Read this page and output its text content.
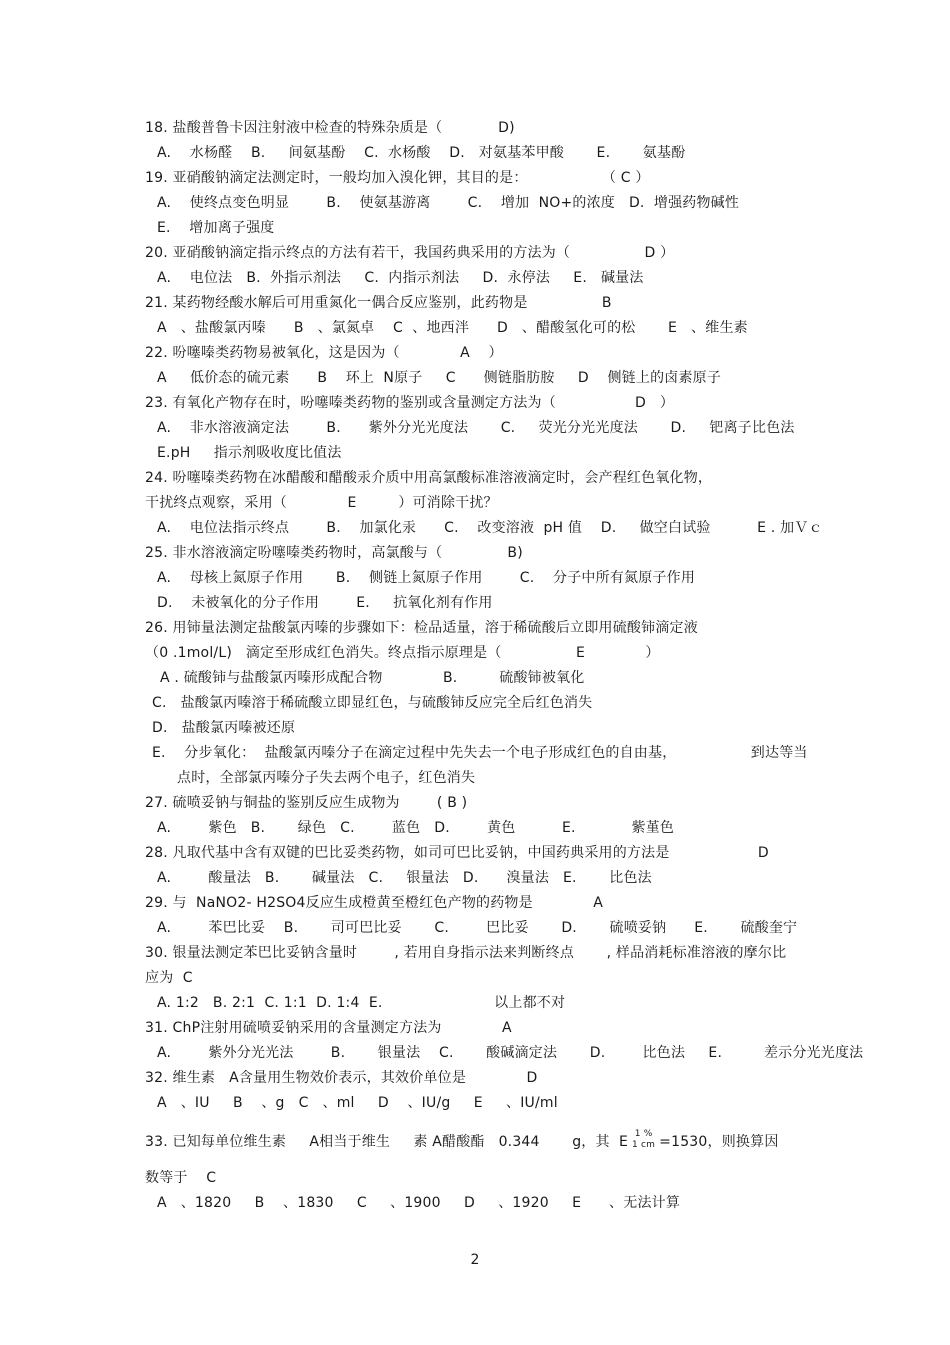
18. 盐酸普鲁卡因注射液中检查的特殊杂质是（            D)
A.    水杨醛    B.     间氨基酚    C.  水杨酸    D.   对氨基苯甲酸       E.       氨基酚
19. 亚硝酸钠滴定法测定时，一般均加入溴化钾，其目的是：                （ C ）
A.    使终点变色明显        B.    使氨基游离        C.    增加  NO+的浓度   D.  增强药物碱性
E.    增加离子强度
20. 亚硝酸钠滴定指示终点的方法有若干，我国药典采用的方法为（                D ）
A.    电位法   B.  外指示剂法     C.  内指示剂法     D.  永停法     E.   碱量法
21. 某药物经酸水解后可用重氮化一偶合反应鉴别，此药物是                B
A   、盐酸氯丙嗪      B   、氯氮卓    C  、地西泮      D   、醋酸氢化可的松       E   、维生素
22. 吩噻嗪类药物易被氧化，这是因为（             A    ）
A     低价态的硫元素      B    环上  N原子     C      侧链脂肪胺     D    侧链上的卤素原子
23. 有氧化产物存在时，吩噻嗪类药物的鉴别或含量测定方法为（                 D   ）
A.    非水溶液滴定法        B.      紫外分光光度法       C.     荧光分光光度法       D.     钯离子比色法
E.pH     指示剂吸收度比值法
24. 吩噻嗪类药物在冰醋酸和醋酸汞介质中用高氯酸标准溶液滴定时，会产程红色氧化物，
干扰终点观察，采用（             E         ）可消除干扰？
A.    电位法指示终点        B.    加氯化汞      C.    改变溶液  pH 值    D.     做空白试验          E . 加Ｖｃ
25. 非水溶液滴定吩噻嗪类药物时，高氯酸与（              B)
A.    母核上氮原子作用       B.    侧链上氮原子作用        C.    分子中所有氮原子作用
D.    未被氧化的分子作用        E.     抗氧化剂有作用
26. 用铈量法测定盐酸氯丙嗪的步骤如下：检品适量，溶于稀硫酸后立即用硫酸铈滴定液
（0 .1mol/L)   滴定至形成红色消失。终点指示原理是（                E             ）
A . 硫酸铈与盐酸氯丙嗪形成配合物             B.         硫酸铈被氧化
C.   盐酸氯丙嗪溶于稀硫酸立即显红色，与硫酸铈反应完全后红色消失
D.   盐酸氯丙嗪被还原
E.    分步氧化：  盐酸氯丙嗪分子在滴定过程中先失去一个电子形成红色的自由基，                到达等当
点时，全部氯丙嗪分子失去两个电子，红色消失
27. 硫喷妥钠与铜盐的鉴别反应生成物为        ( B )
A.        紫色   B.       绿色   C.        蓝色   D.        黄色          E.            紫堇色
28. 凡取代基中含有双键的巴比妥类药物，如司可巴比妥钠，中国药典采用的方法是                   D
A.        酸量法   B.       碱量法   C.     银量法   D.      溴量法   E.       比色法
29. 与  NaNO2- H2SO4反应生成橙黄至橙红色产物的药物是             A
A.        苯巴比妥    B.       司可巴比妥       C.        巴比妥       D.       硫喷妥钠      E.       硫酸奎宁
30. 银量法测定苯巴比妥钠含量时        , 若用自身指示法来判断终点       , 样品消耗标准溶液的摩尔比
应为  C
A. 1:2   B. 2:1  C. 1:1  D. 1:4  E.                        以上都不对
31. ChP注射用硫喷妥钠采用的含量测定方法为             A
A.        紫外分光光法        B.       银量法    C.       酸碱滴定法       D.        比色法     E.         差示分光光度法
32. 维生素   A含量用生物效价表示，其效价单位是             D
A   、IU     B    、g   C   、ml     D    、IU/g     E     、IU/ml
33. 已知每单位维生素     A相当于维生     素 A醋酸酯   0.344       g，其  E 1 %
1 cm =1530，则换算因
数等于    C
A   、1820     B    、1830     C     、1900     D     、1920     E      、无法计算
2
